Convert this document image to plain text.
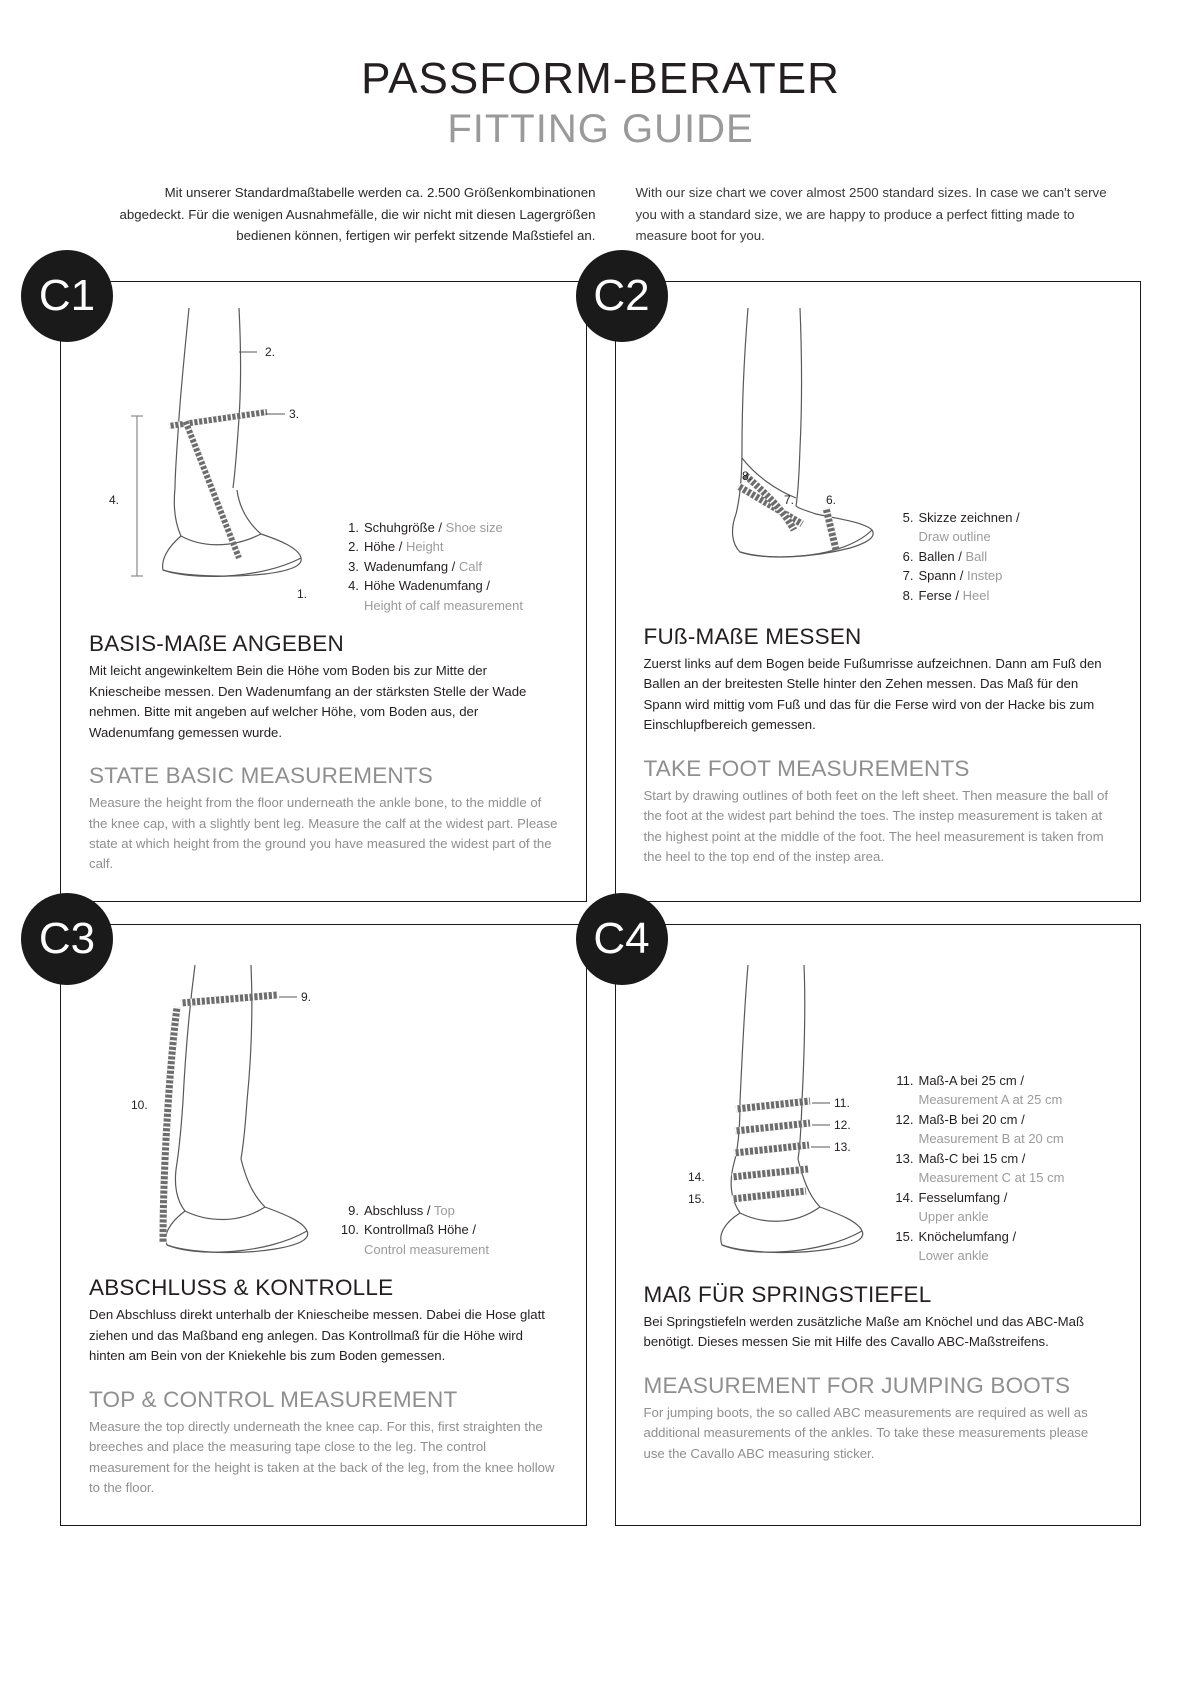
PASSFORM-BERATER
FITTING GUIDE
Mit unserer Standardmaßtabelle werden ca. 2.500 Größenkombinationen abgedeckt. Für die wenigen Ausnahmefälle, die wir nicht mit diesen Lagergrößen bedienen können, fertigen wir perfekt sitzende Maßstiefel an.
With our size chart we cover almost 2500 standard sizes. In case we can't serve you with a standard size, we are happy to produce a perfect fitting made to measure boot for you.
C1
2.
3.
4.
1.
1. Schuhgröße / Shoe size
2. Höhe / Height
3. Wadenumfang / Calf
4. Höhe Wadenumfang /
Height of calf measurement
BASIS-MAßE ANGEBEN

Mit leicht angewinkeltem Bein die Höhe vom Boden bis zur Mitte der Kniescheibe messen. Den Wadenumfang an der stärksten Stelle der Wade nehmen. Bitte mit angeben auf welcher Höhe, vom Boden aus, der Wadenumfang gemessen wurde.

STATE BASIC MEASUREMENTS

Measure the height from the floor underneath the ankle bone, to the middle of the knee cap, with a slightly bent leg. Measure the calf at the widest part. Please state at which height from the ground you have measured the widest part of the calf.

C2
8.
7.	6.
5. Skizze zeichnen /
Draw outline
6. Ballen / Ball
7. Spann / Instep
8. Ferse / Heel
FUß-MAßE MESSEN

Zuerst links auf dem Bogen beide Fußumrisse aufzeichnen. Dann am Fuß den Ballen an der breitesten Stelle hinter den Zehen messen. Das Maß für den Spann wird mittig vom Fuß und das für die Ferse wird von der Hacke bis zum Einschlupfbereich gemessen.

TAKE FOOT MEASUREMENTS

Start by drawing outlines of both feet on the left sheet. Then measure the ball of the foot at the widest part behind the toes. The instep measurement is taken at the highest point at the middle of the foot. The heel measurement is taken from the heel to the top end of the instep area.

C3
9.
10.
9. Abschluss / Top
10. Kontrollmaß Höhe /
Control measurement
ABSCHLUSS & KONTROLLE

Den Abschluss direkt unterhalb der Kniescheibe messen. Dabei die Hose glatt ziehen und das Maßband eng anlegen. Das Kontrollmaß für die Höhe wird hinten am Bein von der Kniekehle bis zum Boden gemessen.

TOP & CONTROL MEASUREMENT

Measure the top directly underneath the knee cap. For this, first straighten the breeches and place the measuring tape close to the leg. The control measurement for the height is taken at the back of the leg, from the knee hollow to the floor.

C4
11.
12.
13.
14.
15.
11. Maß-A bei 25 cm /
Measurement A at 25 cm
12. Maß-B bei 20 cm /
Measurement B at 20 cm
13. Maß-C bei 15 cm /
Measurement C at 15 cm
14. Fesselumfang /
Upper ankle
15. Knöchelumfang /
Lower ankle
MAß FÜR SPRINGSTIEFEL

Bei Springstiefeln werden zusätzliche Maße am Knöchel und das ABC-Maß benötigt. Dieses messen Sie mit Hilfe des Cavallo ABC-Maßstreifens.

MEASUREMENT FOR JUMPING BOOTS

For jumping boots, the so called ABC measurements are required as well as additional measurements of the ankles. To take these measurements please use the Cavallo ABC measuring sticker.
